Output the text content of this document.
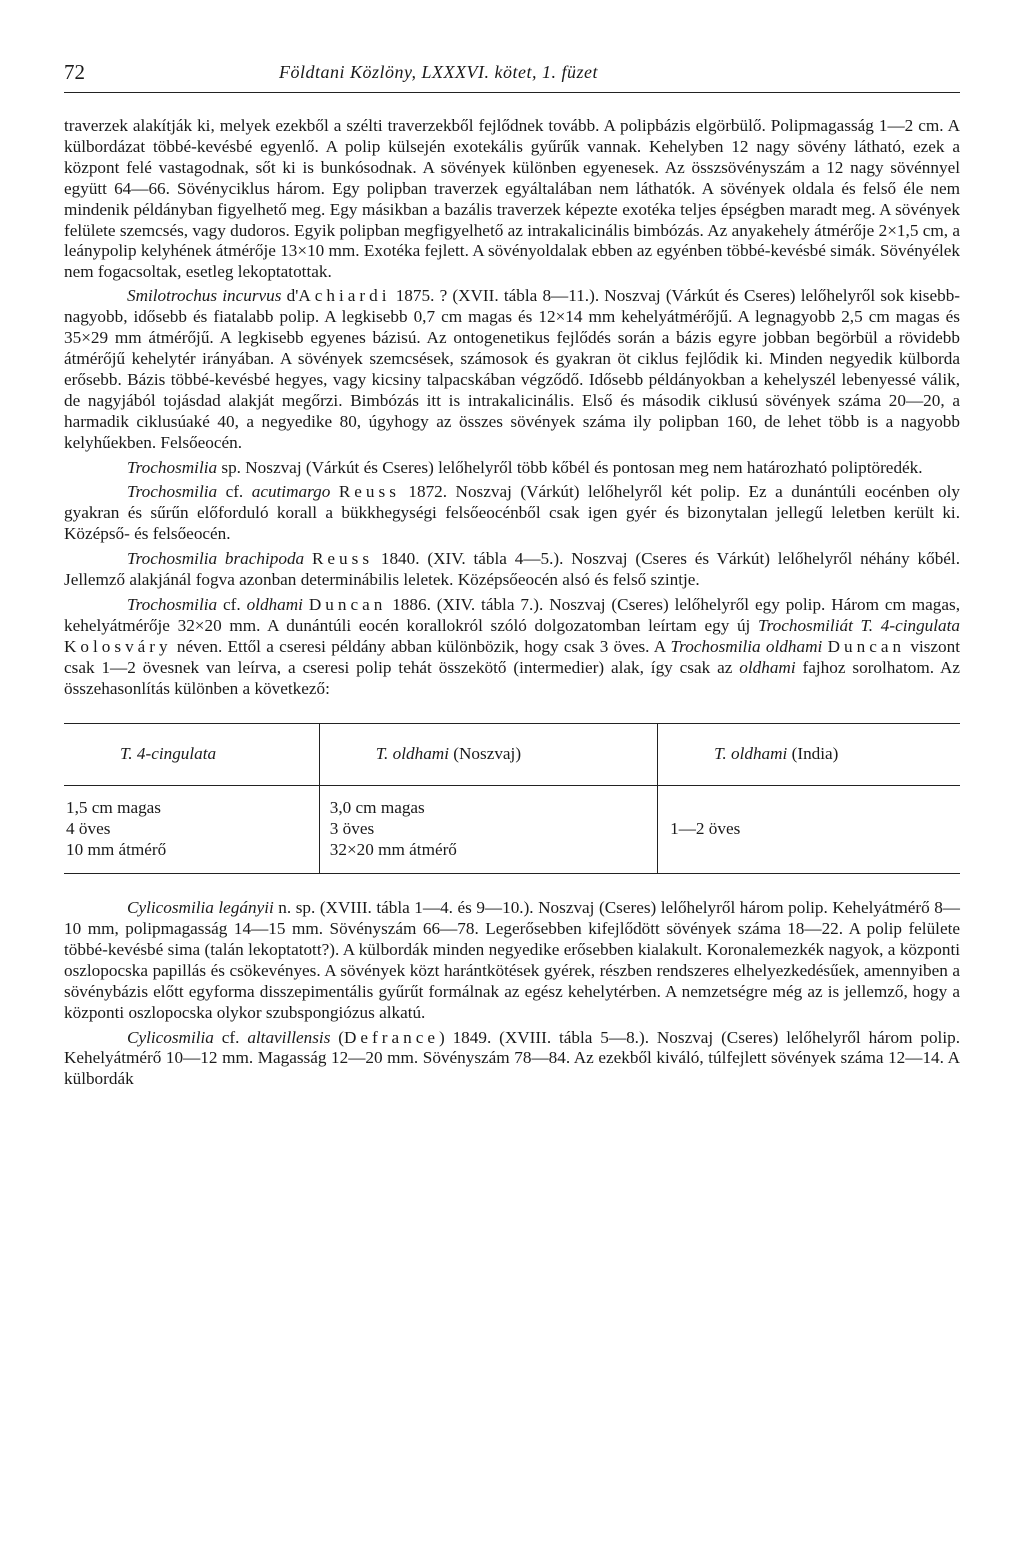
72	Földtani Közlöny, LXXXVI. kötet, 1. füzet

traverzek alakítják ki, melyek ezekből a szélti traverzekből fejlődnek tovább. A polipbázis elgörbülő. Polipmagasság 1—2 cm. A külbordázat többé-kevésbé egyenlő. A polip külsején exotekális gyűrűk vannak. Kehelyben 12 nagy sövény látható, ezek a központ felé vastagodnak, sőt ki is bunkósodnak. A sövények különben egyenesek. Az összsövényszám a 12 nagy sövénnyel együtt 64—66. Sövényciklus három. Egy polipban traverzek egyáltalában nem láthatók. A sövények oldala és felső éle nem mindenik példányban figyelhető meg. Egy másikban a bazális traverzek képezte exotéka teljes épségben maradt meg. A sövények felülete szemcsés, vagy dudoros. Egyik polipban megfigyelhető az intrakalicinális bimbózás. Az anyakehely átmérője 2×1,5 cm, a leánypolip kelyhének átmérője 13×10 mm. Exotéka fejlett. A sövényoldalak ebben az egyénben többé-kevésbé simák. Sövényélek nem fogacsoltak, esetleg lekoptatottak.

Smilotrochus incurvus d'Achiardi 1875. ? (XVII. tábla 8—11.). Noszvaj (Várkút és Cseres) lelőhelyről sok kisebb-nagyobb, idősebb és fiatalabb polip. A legkisebb 0,7 cm magas és 12×14 mm kehelyátmérőjű. A legnagyobb 2,5 cm magas és 35×29 mm átmérőjű. A legkisebb egyenes bázisú. Az ontogenetikus fejlődés során a bázis egyre jobban begörbül a rövidebb átmérőjű kehelytér irányában. A sövények szemcsések, számosok és gyakran öt ciklus fejlődik ki. Minden negyedik külborda erősebb. Bázis többé-kevésbé hegyes, vagy kicsiny talpacskában végződő. Idősebb példányokban a kehelyszél lebenyessé válik, de nagyjából tojásdad alakját megőrzi. Bimbózás itt is intrakalicinális. Első és második ciklusú sövények száma 20—20, a harmadik ciklusúaké 40, a negyedike 80, úgyhogy az összes sövények száma ily polipban 160, de lehet több is a nagyobb kelyhűekben. Felsőeocén.

Trochosmilia sp. Noszvaj (Várkút és Cseres) lelőhelyről több kőbél és pontosan meg nem határozható poliptöredék.

Trochosmilia cf. acutimargo Reuss 1872. Noszvaj (Várkút) lelőhelyről két polip. Ez a dunántúli eocénben oly gyakran és sűrűn előforduló korall a bükkhegységi felsőeocénből csak igen gyér és bizonytalan jellegű leletben került ki. Középső- és felsőeocén.

Trochosmilia brachipoda Reuss 1840. (XIV. tábla 4—5.). Noszvaj (Cseres és Várkút) lelőhelyről néhány kőbél. Jellemző alakjánál fogva azonban determinábilis leletek. Középsőeocén alsó és felső szintje.

Trochosmilia cf. oldhami Duncan 1886. (XIV. tábla 7.). Noszvaj (Cseres) lelőhelyről egy polip. Három cm magas, kehelyátmérője 32×20 mm. A dunántúli eocén korallokról szóló dolgozatomban leírtam egy új Trochosmiliát T. 4-cingulata Kolosváry néven. Ettől a cseresi példány abban különbözik, hogy csak 3 öves. A Trochosmilia oldhami Duncan viszont csak 1—2 övesnek van leírva, a cseresi polip tehát összekötő (intermedier) alak, így csak az oldhami fajhoz sorolhatom. Az összehasonlítás különben a következő:

T. 4-cingulata	T. oldhami (Noszvaj)	T. oldhami (India)

1,5 cm magas
4 öves
10 mm átmérő	3,0 cm magas
3 öves
32×20 mm átmérő	1—2 öves

Cylicosmilia legányii n. sp. (XVIII. tábla 1—4. és 9—10.). Noszvaj (Cseres) lelőhelyről három polip. Kehelyátmérő 8—10 mm, polipmagasság 14—15 mm. Sövényszám 66—78. Legerősebben kifejlődött sövények száma 18—22. A polip felülete többé-kevésbé sima (talán lekoptatott?). A külbordák minden negyedike erősebben kialakult. Koronalemezkék nagyok, a központi oszlopocska papillás és csökevényes. A sövények közt harántkötések gyérek, részben rendszeres elhelyezkedésűek, amennyiben a sövénybázis előtt egyforma disszepimentális gyűrűt formálnak az egész kehelytérben. A nemzetségre még az is jellemző, hogy a központi oszlopocska olykor szubspongiózus alkatú.

Cylicosmilia cf. altavillensis (Defrance) 1849. (XVIII. tábla 5—8.). Noszvaj (Cseres) lelőhelyről három polip. Kehelyátmérő 10—12 mm. Magasság 12—20 mm. Sövényszám 78—84. Az ezekből kiváló, túlfejlett sövények száma 12—14. A külbordák
